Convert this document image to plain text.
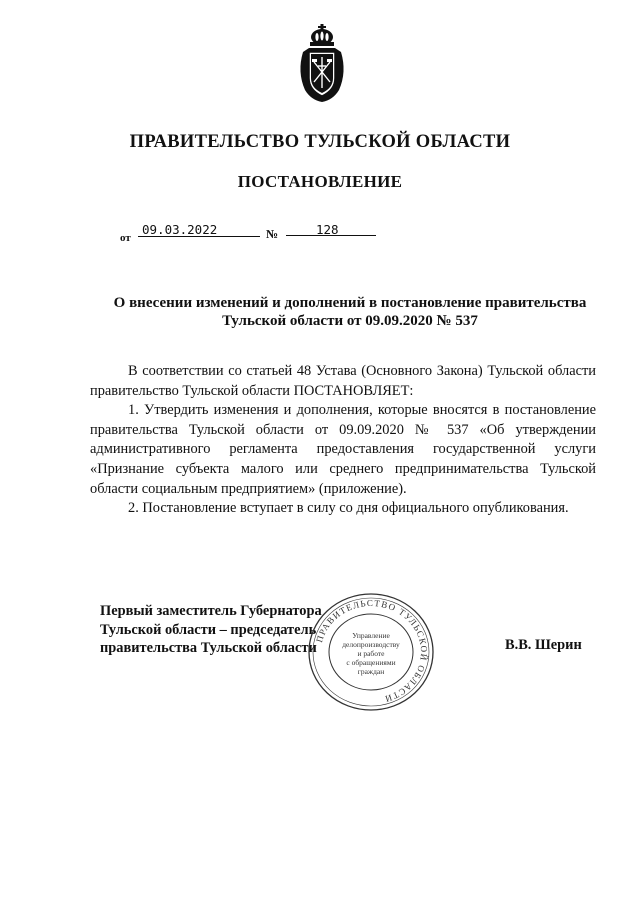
ПРАВИТЕЛЬСТВО ТУЛЬСКОЙ ОБЛАСТИ
ПОСТАНОВЛЕНИЕ
от
09.03.2022	№	128
О внесении изменений и дополнений в постановление правительства
Тульской области от 09.09.2020 № 537

В соответствии со статьей 48 Устава (Основного Закона) Тульской области правительство Тульской области ПОСТАНОВЛЯЕТ:

1. Утвердить изменения и дополнения, которые вносятся в постановление правительства Тульской области от 09.09.2020 № 537 «Об утверждении административного регламента предоставления государственной услуги «Признание субъекта малого или среднего предпринимательства Тульской области социальным предприятием» (приложение).

2. Постановление вступает в силу со дня официального опубликования.

Первый заместитель Губернатора
Тульской области – председатель
правительства Тульской области	В.В. Шерин
ПРАВИТЕЛЬСТВО ТУЛЬСКОЙ ОБЛАСТИ
Управление
делопроизводству
и работе
с обращениями
граждан
